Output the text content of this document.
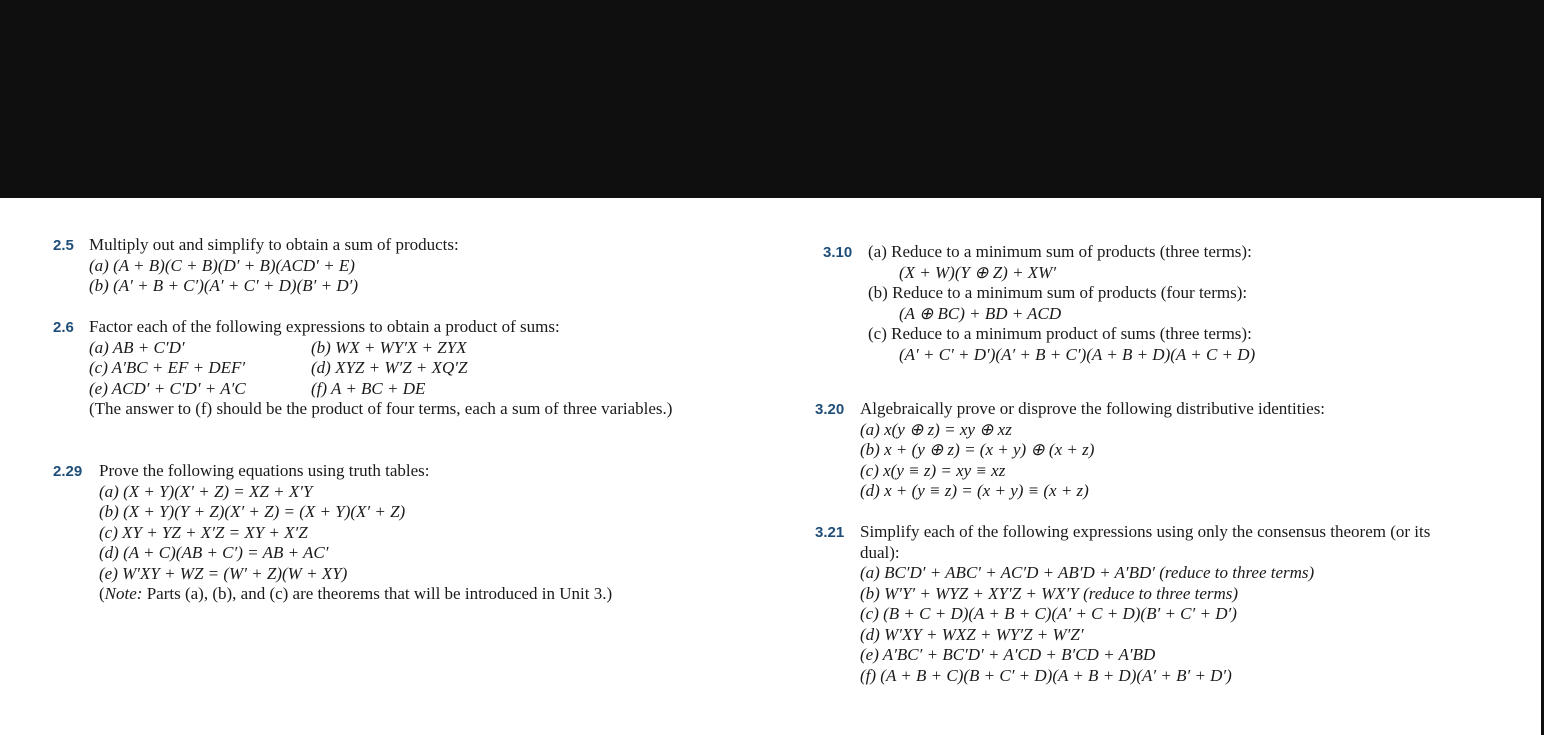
2.5 Multiply out and simplify to obtain a sum of products:
(a) (A + B)(C + B)(D′ + B)(ACD′ + E)
(b) (A′ + B + C′)(A′ + C′ + D)(B′ + D′)
2.6 Factor each of the following expressions to obtain a product of sums:
(a) AB + C′D′	(b) WX + WY′X + ZYX
(c) A′BC + EF + DEF′	(d) XYZ + W′Z + XQ′Z
(e) ACD′ + C′D′ + A′C	(f) A + BC + DE
(The answer to (f) should be the product of four terms, each a sum of three variables.)
2.29 Prove the following equations using truth tables:
(a) (X + Y)(X′ + Z) = XZ + X′Y
(b) (X + Y)(Y + Z)(X′ + Z) = (X + Y)(X′ + Z)
(c) XY + YZ + X′Z = XY + X′Z
(d) (A + C)(AB + C′) = AB + AC′
(e) W′XY + WZ = (W′ + Z)(W + XY)
(Note: Parts (a), (b), and (c) are theorems that will be introduced in Unit 3.)
3.10 (a) Reduce to a minimum sum of products (three terms):
(X + W)(Y ⊕ Z) + XW′
(b) Reduce to a minimum sum of products (four terms):
(A ⊕ BC) + BD + ACD
(c) Reduce to a minimum product of sums (three terms):
(A′ + C′ + D′)(A′ + B + C′)(A + B + D)(A + C + D)
3.20 Algebraically prove or disprove the following distributive identities:
(a) x(y ⊕ z) = xy ⊕ xz
(b) x + (y ⊕ z) = (x + y) ⊕ (x + z)
(c) x(y ≡ z) = xy ≡ xz
(d) x + (y ≡ z) = (x + y) ≡ (x + z)
3.21 Simplify each of the following expressions using only the consensus theorem (or its
dual):
(a) BC′D′ + ABC′ + AC′D + AB′D + A′BD′ (reduce to three terms)
(b) W′Y′ + WYZ + XY′Z + WX′Y (reduce to three terms)
(c) (B + C + D)(A + B + C)(A′ + C + D)(B′ + C′ + D′)
(d) W′XY + WXZ + WY′Z + W′Z′
(e) A′BC′ + BC′D′ + A′CD + B′CD + A′BD
(f) (A + B + C)(B + C′ + D)(A + B + D)(A′ + B′ + D′)
